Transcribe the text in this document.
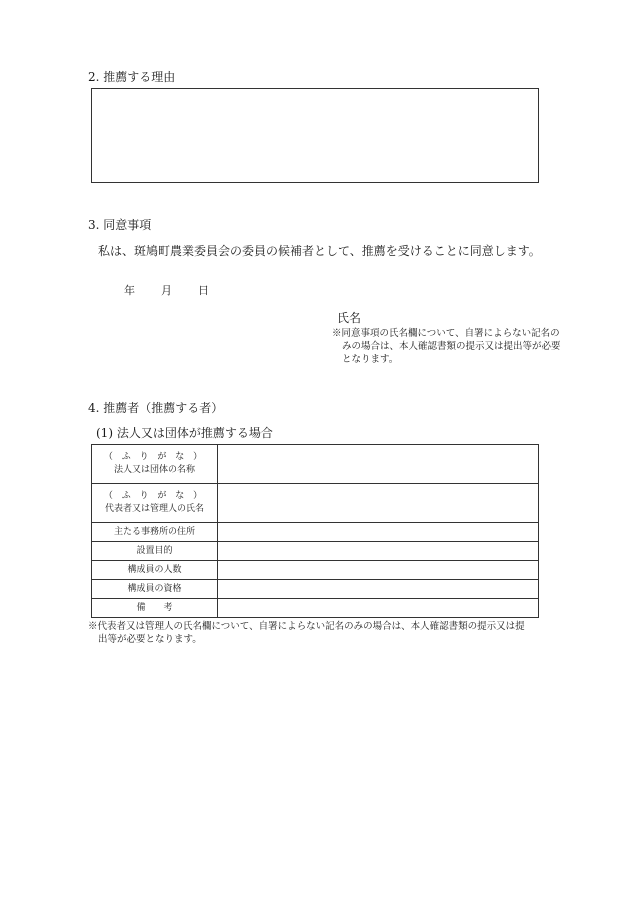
2. 推薦する理由
3. 同意事項
私は、斑鳩町農業委員会の委員の候補者として、推薦を受けることに同意します。
年 月 日
氏名
※同意事項の氏名欄について、自署によらない記名の
みの場合は、本人確認書類の提示又は提出等が必要
となります。
4. 推薦者（推薦する者）
(1) 法人又は団体が推薦する場合
（ ふ り が な ）
法人又は団体の名称	

（ ふ り が な ）
代表者又は管理人の氏名	
主たる事務所の住所	
設置目的	
構成員の人数	
構成員の資格	
備　　考	
※代表者又は管理人の氏名欄について、自署によらない記名のみの場合は、本人確認書類の提示又は提
出等が必要となります。
